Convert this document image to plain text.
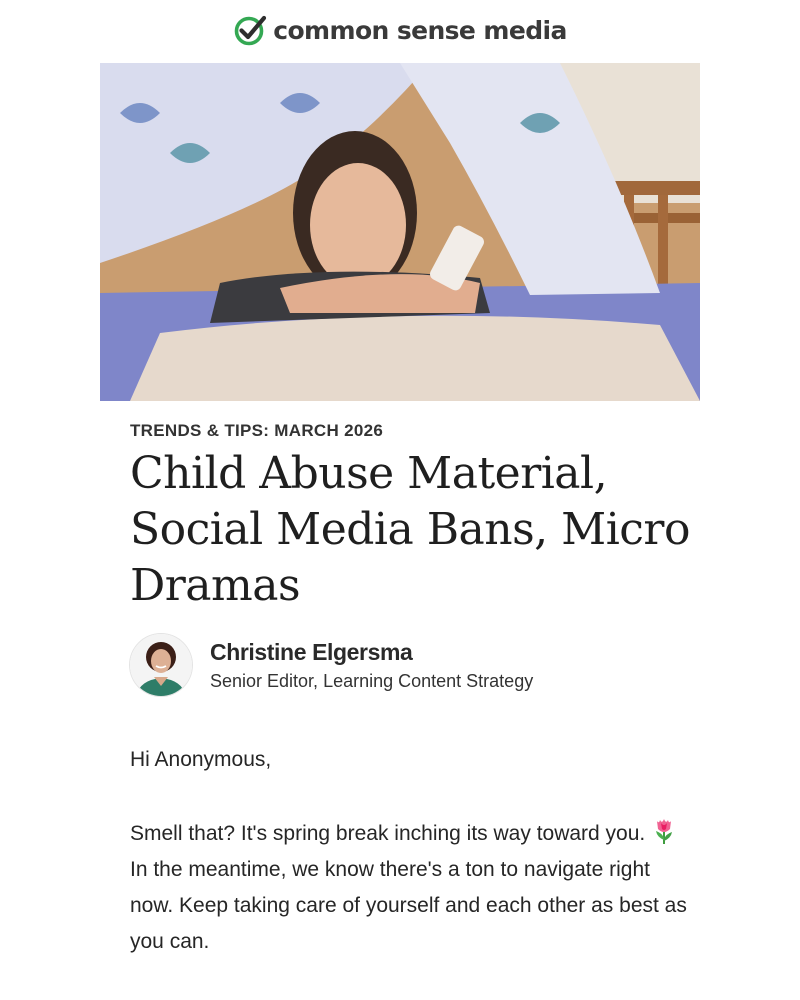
common sense media
TRENDS & TIPS: MARCH 2026
Child Abuse Material, Social Media Bans, Micro Dramas
Christine Elgersma
Senior Editor, Learning Content Strategy

Hi Anonymous,

Smell that? It's spring break inching its way toward you.  In the meantime, we know there's a ton to navigate right now. Keep taking care of yourself and each other as best as you can.
